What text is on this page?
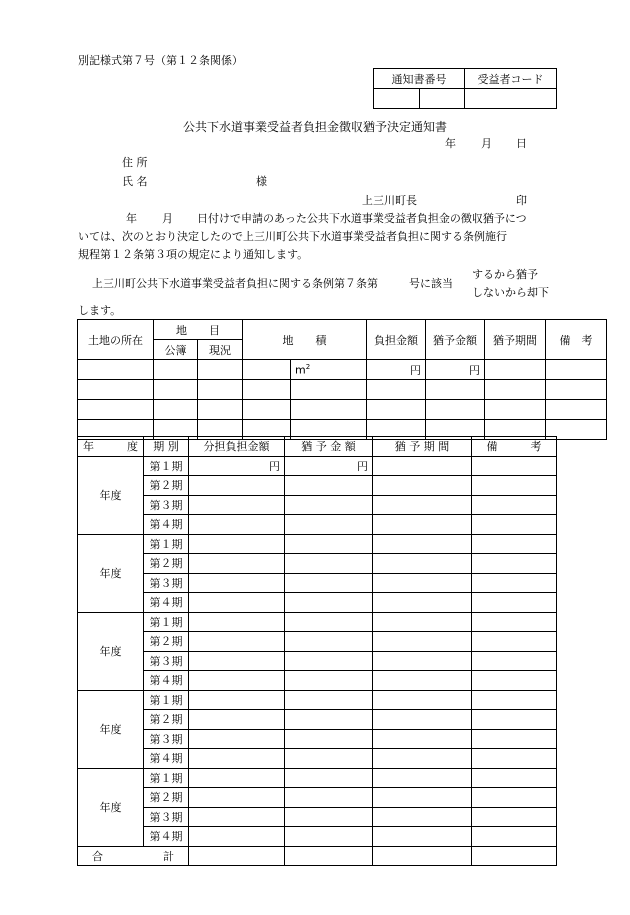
別記様式第７号（第１２条関係）
通知書番号	受益者コード

公共下水道事業受益者負担金徴収猶予決定通知書
年 月 日
住 所
氏 名	様
上三川町長	印
年 月 日付けで申請のあった公共下水道事業受益者負担金の徴収猶予につ
いては、次のとおり決定したので上三川町公共下水道事業受益者負担に関する条例施行
規程第１２条第３項の規定により通知します。
上三川町公共下水道事業受益者負担に関する条例第７条第	号に該当
するから猶予
しないから却下
します。
土地の所在	地　　目		地　　積		負担金額	猶予金額	猶予期間	備　考
	公簿	現況						
				$m^2$	円	円		

年　　　度	期 別	分担負担金額	猶 予 金 額	猶 予 期 間	備　　　考
年度	第１期	円	円		
	第２期				
	第３期				
	第４期				
年度	第１期				
	第２期				
	第３期				
	第４期				
年度	第１期				
	第２期				
	第３期				
	第４期				
年度	第１期				
	第２期				
	第３期				
	第４期				
年度	第１期				
	第２期				
	第３期				
	第４期				
合 計					
